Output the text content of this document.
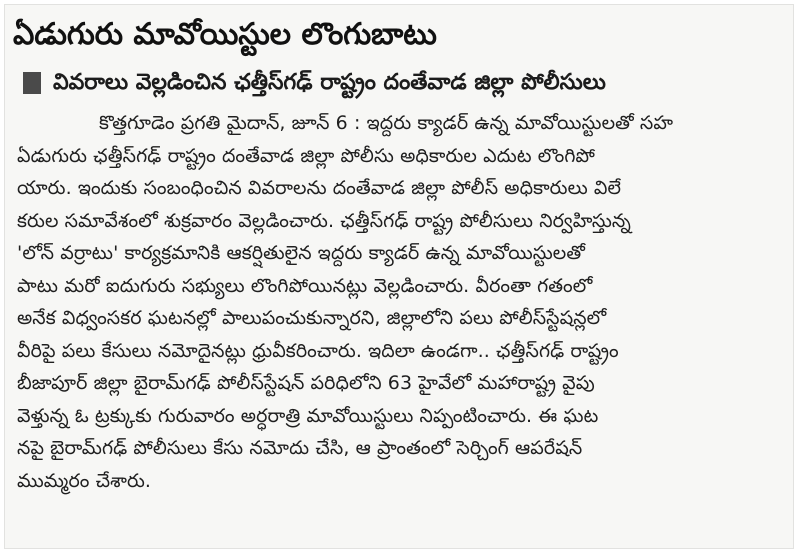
ఏడుగురు మావోయిస్టుల లొంగుబాటు
వివరాలు వెల్లడించిన ఛత్తీస్‌గఢ్‌ రాష్ట్రం దంతేవాడ జిల్లా పోలీసులు
కొత్తగూడెం ప్రగతి మైదాన్‌, జూన్‌ 6 : ఇద్దరు క్యాడర్‌ ఉన్న మావోయిస్టులతో సహ
ఏడుగురు ఛత్తీస్‌గఢ్‌ రాష్ట్రం దంతేవాడ జిల్లా పోలీసు అధికారుల ఎదుట లొంగిపో
యారు. ఇందుకు సంబంధించిన వివరాలను దంతేవాడ జిల్లా పోలీస్‌ అధికారులు విలే
కరుల సమావేశంలో శుక్రవారం వెల్లడించారు. ఛత్తీస్‌గఢ్‌ రాష్ట్ర పోలీసులు నిర్వహిస్తున్న
'లోన్‌ వర్రాటు' కార్యక్రమానికి ఆకర్షితులైన ఇద్దరు క్యాడర్‌ ఉన్న మావోయిస్టులతో
పాటు మరో ఐదుగురు సభ్యులు లొంగిపోయినట్లు వెల్లడించారు. వీరంతా గతంలో
అనేక విధ్వంసకర ఘటనల్లో పాలుపంచుకున్నారని, జిల్లాలోని పలు పోలీస్‌స్టేషన్లలో
వీరిపై పలు కేసులు నమోదైనట్లు ధ్రువీకరించారు. ఇదిలా ఉండగా.. ఛత్తీస్‌గఢ్‌ రాష్ట్రం
బీజాపూర్‌ జిల్లా బైరామ్‌గఢ్‌ పోలీస్‌స్టేషన్‌ పరిధిలోని 63 హైవేలో మహారాష్ట్ర వైపు
వెళ్తున్న ఓ ట్రక్కుకు గురువారం అర్ధరాత్రి మావోయిస్టులు నిప్పంటించారు. ఈ ఘట
నపై బైరామ్‌గఢ్‌ పోలీసులు కేసు నమోదు చేసి, ఆ ప్రాంతంలో సెర్చింగ్‌ ఆపరేషన్‌
ముమ్మరం చేశారు.
